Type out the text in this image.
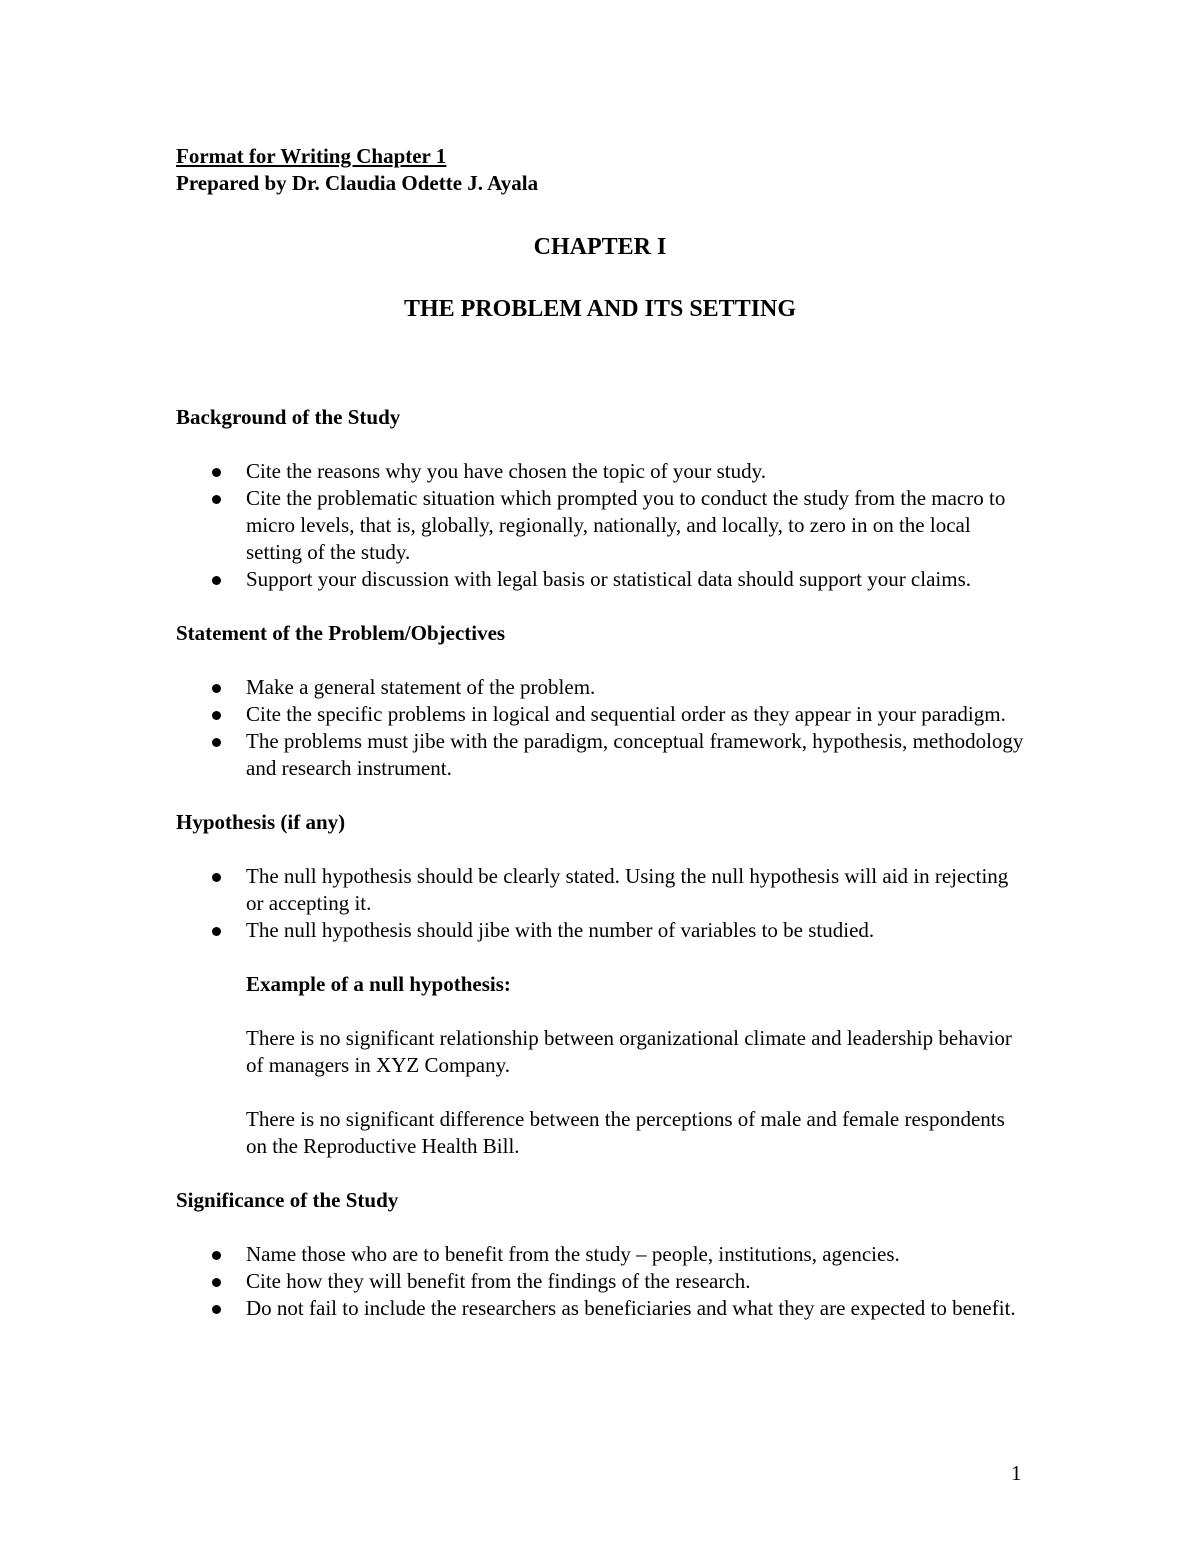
Format for Writing Chapter 1

Prepared by Dr. Claudia Odette J. Ayala

CHAPTER I

THE PROBLEM AND ITS SETTING

Background of the Study

Cite the reasons why you have chosen the topic of your study.
Cite the problematic situation which prompted you to conduct the study from the macro to micro levels, that is, globally, regionally, nationally, and locally, to zero in on the local setting of the study.
Support your discussion with legal basis or statistical data should support your claims.

Statement of the Problem/Objectives

Make a general statement of the problem.
Cite the specific problems in logical and sequential order as they appear in your paradigm.
The problems must jibe with the paradigm, conceptual framework, hypothesis, methodology and research instrument.

Hypothesis (if any)

The null hypothesis should be clearly stated. Using the null hypothesis will aid in rejecting or accepting it.
The null hypothesis should jibe with the number of variables to be studied.

Example of a null hypothesis:

There is no significant relationship between organizational climate and leadership behavior of managers in XYZ Company.

There is no significant difference between the perceptions of male and female respondents on the Reproductive Health Bill.

Significance of the Study

Name those who are to benefit from the study – people, institutions, agencies.
Cite how they will benefit from the findings of the research.
Do not fail to include the researchers as beneficiaries and what they are expected to benefit.
1
